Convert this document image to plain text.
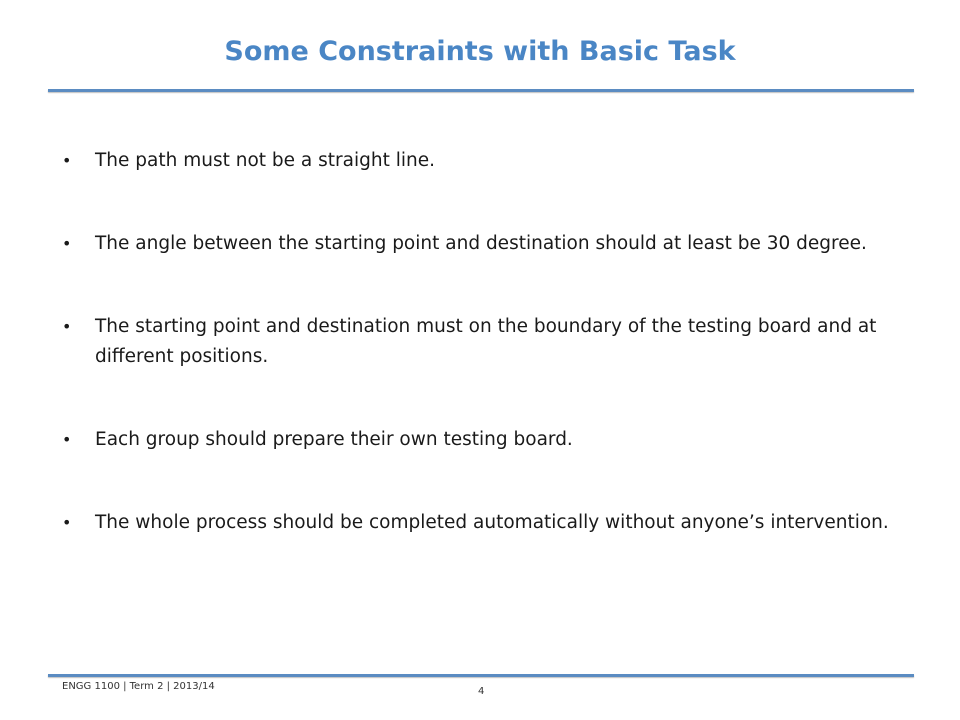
Some Constraints with Basic Task
• The path must not be a straight line.
• The angle between the starting point and destination should at least be 30 degree.
• The starting point and destination must on the boundary of the testing board and at different positions.
• Each group should prepare their own testing board.
• The whole process should be completed automatically without anyone’s intervention.
ENGG 1100 | Term 2 | 2013/14	4
